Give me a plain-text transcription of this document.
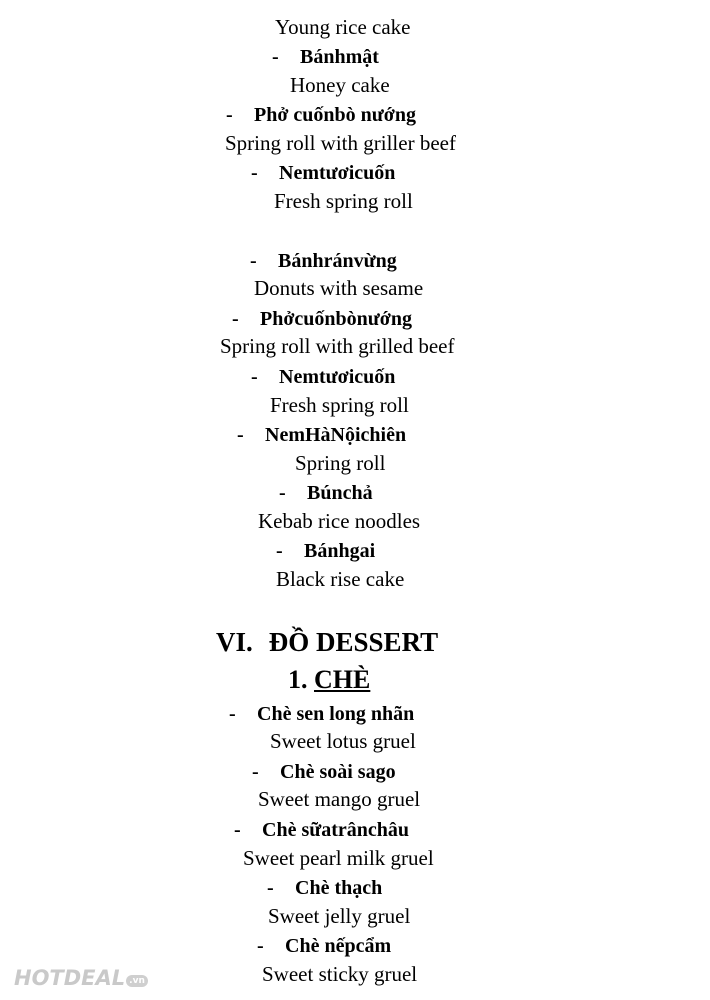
Young rice cake
- Bánhmật
Honey cake
- Phở cuốnbò nướng
Spring roll with griller beef
- Nemtươicuốn
Fresh spring roll
- Bánhránvừng
Donuts with sesame
- Phởcuốnbònướng
Spring roll with grilled beef
- Nemtươicuốn
Fresh spring roll
- NemHàNộichiên
Spring roll
- Búnchả
Kebab rice noodles
- Bánhgai
Black rise cake
VI. ĐỒ DESSERT
1. CHÈ
- Chè sen long nhãn
Sweet lotus gruel
- Chè soài sago
Sweet mango gruel
- Chè sữatrânchâu
Sweet pearl milk gruel
- Chè thạch
Sweet jelly gruel
- Chè nếpcẩm
Sweet sticky gruel
HOTDEAL .vn
